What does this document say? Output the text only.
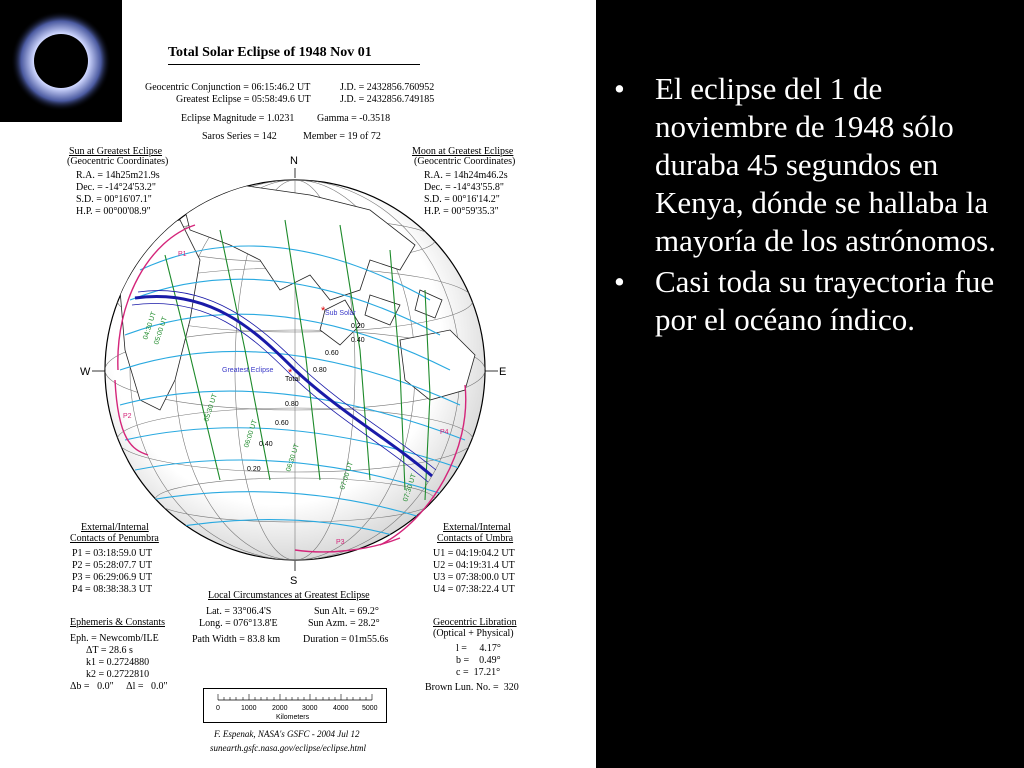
Total Solar Eclipse of 1948 Nov 01
Geocentric Conjunction = 06:15:46.2 UT	J.D. = 2432856.760952
Greatest Eclipse = 05:58:49.6 UT	J.D. = 2432856.749185
Eclipse Magnitude = 1.0231 Gamma = -0.3518
Saros Series = 142	Member = 19 of 72
Sun at Greatest Eclipse
(Geocentric Coordinates)
R.A. = 14h25m21.9s
Dec. = -14°24'53.2"
S.D. = 00°16'07.1"
H.P. = 00°00'08.9"
Moon at Greatest Eclipse
(Geocentric Coordinates)
R.A. = 14h24m46.2s
Dec. = -14°43'55.8"
S.D. = 00°16'14.2"
H.P. = 00°59'35.3"
N
S
W	E
Sub Solar
*
Greatest Eclipse *
Total
P1
P2
P3
P4
0.20
0.40
0.60
0.80
0.80
0.60
0.40
0.20
05:00 UT
05:30 UT
06:00 UT
06:30 UT
07:00 UT	07:30 UT
04:30 UT
External/Internal
Contacts of Penumbra
P1 = 03:18:59.0 UT
P2 = 05:28:07.7 UT
P3 = 06:29:06.9 UT
P4 = 08:38:38.3 UT
External/Internal
Contacts of Umbra
U1 = 04:19:04.2 UT
U2 = 04:19:31.4 UT
U3 = 07:38:00.0 UT
U4 = 07:38:22.4 UT
Local Circumstances at Greatest Eclipse
Lat. = 33°06.4'S	Sun Alt. = 69.2°
Long. = 076°13.8'E	Sun Azm. = 28.2°
Path Width = 83.8 km Duration = 01m55.6s
Ephemeris & Constants
Eph. = Newcomb/ILE
ΔT = 28.6 s
k1 = 0.2724880
k2 = 0.2722810
Δb =   0.0"     Δl =   0.0"
Geocentric Libration
(Optical + Physical)
l =     4.17°
b =    0.49°
c =  17.21°
Brown Lun. No. =  320
0	1000 2000 3000 4000 5000
Kilometers
F. Espenak, NASA's GSFC - 2004 Jul 12
sunearth.gsfc.nasa.gov/eclipse/eclipse.html
• El eclipse del 1 de noviembre de 1948 sólo duraba 45 segundos en Kenya, dónde se hallaba la mayoría de los astrónomos.
• Casi toda su trayectoria fue por el océano índico.
